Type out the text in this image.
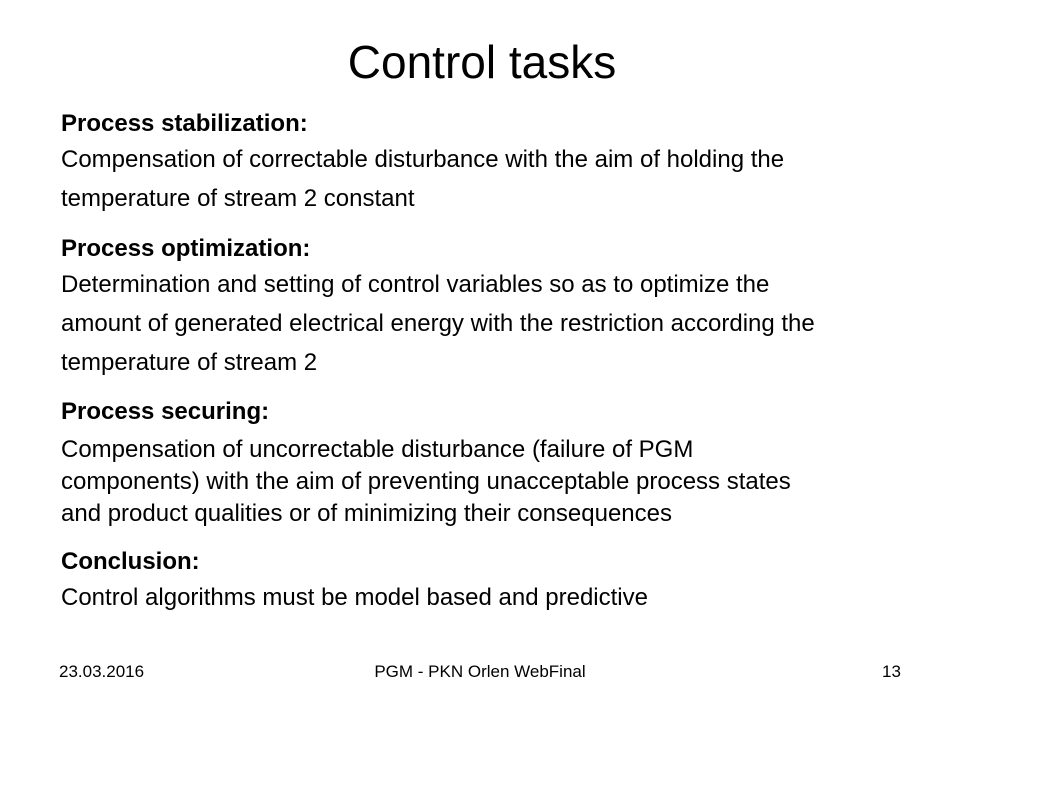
Control tasks

Process stabilization:

Compensation of correctable disturbance with the aim of holding the

temperature of stream 2 constant

Process optimization:

Determination and setting of control variables so as to optimize the

amount of generated electrical energy with the restriction according the

temperature of stream 2

Process securing:

Compensation of uncorrectable disturbance (failure of PGM

components) with the aim of preventing unacceptable process states

and product qualities or of minimizing their consequences

Conclusion:

Control algorithms must be model based and predictive

23.03.2016	PGM - PKN Orlen WebFinal	13
